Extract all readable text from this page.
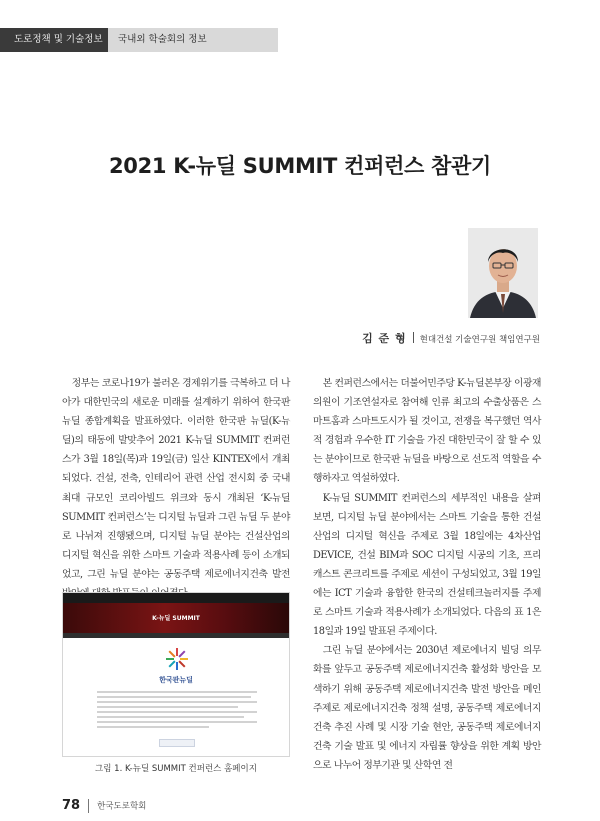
도로정책 및 기술정보	국내외 학술회의 정보
2021 K-뉴딜 SUMMIT 컨퍼런스 참관기
김 준 형 현대건설 기술연구원 책임연구원

정부는 코로나19가 불러온 경제위기를 극복하고 더 나아가 대한민국의 새로운 미래를 설계하기 위하여 한국판 뉴딜 종합계획을 발표하였다. 이러한 한국판 뉴딜(K-뉴딜)의 태동에 발맞추어 2021 K-뉴딜 SUMMIT 컨퍼런스가 3월 18일(목)과 19일(금) 일산 KINTEX에서 개최되었다. 건설, 전축, 인테리어 관련 산업 전시회 중 국내 최대 규모인 코리아빌드 위크와 동시 개최된 ‘K-뉴딜 SUMMIT 컨퍼런스’는 디지털 뉴딜과 그린 뉴딜 두 분야로 나뉘져 진행됐으며, 디지털 뉴딜 분야는 건설산업의 디지털 혁신을 위한 스마트 기술과 적용사례 등이 소개되었고, 그린 뉴딜 분야는 공동주택 제로에너지건축 발전

K-뉴딜 SUMMIT
한국판뉴딜
그림 1. K-뉴딜 SUMMIT 컨퍼런스 홈페이지

본 컨퍼런스에서는 더불어민주당 K-뉴딜본부장 이광재 의원이 기조연설자로 참여해 인류 최고의 수출상품은 스마트홈과 스마트도시가 될 것이고, 전쟁을 복구했던 역사적 경험과 우수한 IT 기술을 가진 대한민국이 잘 할 수 있는 분야이므로 한국판 뉴딜을 바탕으로 선도적 역할을 수행하자고 역설하였다.

K-뉴딜 SUMMIT 컨퍼런스의 세부적인 내용을 살펴보면, 디지털 뉴딜 분야에서는 스마트 기술을 통한 건설산업의 디지털 혁신을 주제로 3월 18일에는 4차산업 DEVICE, 건설 BIM과 SOC 디지털 시공의 기초, 프리캐스트 콘크리트를 주제로 세션이 구성되었고, 3월 19일에는 ICT 기술과 융합한 한국의 건설테크놀러지를 주제로 스마트 기술과 적용사례가 소개되었다. 다음의 표 1은 18일과 19일 발표된 주제이다.

그린 뉴딜 분야에서는 2030년 제로에너지 빌딩 의무화를 앞두고 공동주택 제로에너지건축 활성화 방안을 모색하기 위해 공동주택 제로에너지건축 발전 방안을 메인 주제로 제로에너지건축 정책 설명, 공동주택 제로에너지건축 추진 사례 및 시장 기술 현안, 공동주택 제로에너지건축 기술 발표 및 에너지 자립률 향상을 위한 계획 방안으로 나누어 정부기관 및 산학연 전

78 한국도로학회
